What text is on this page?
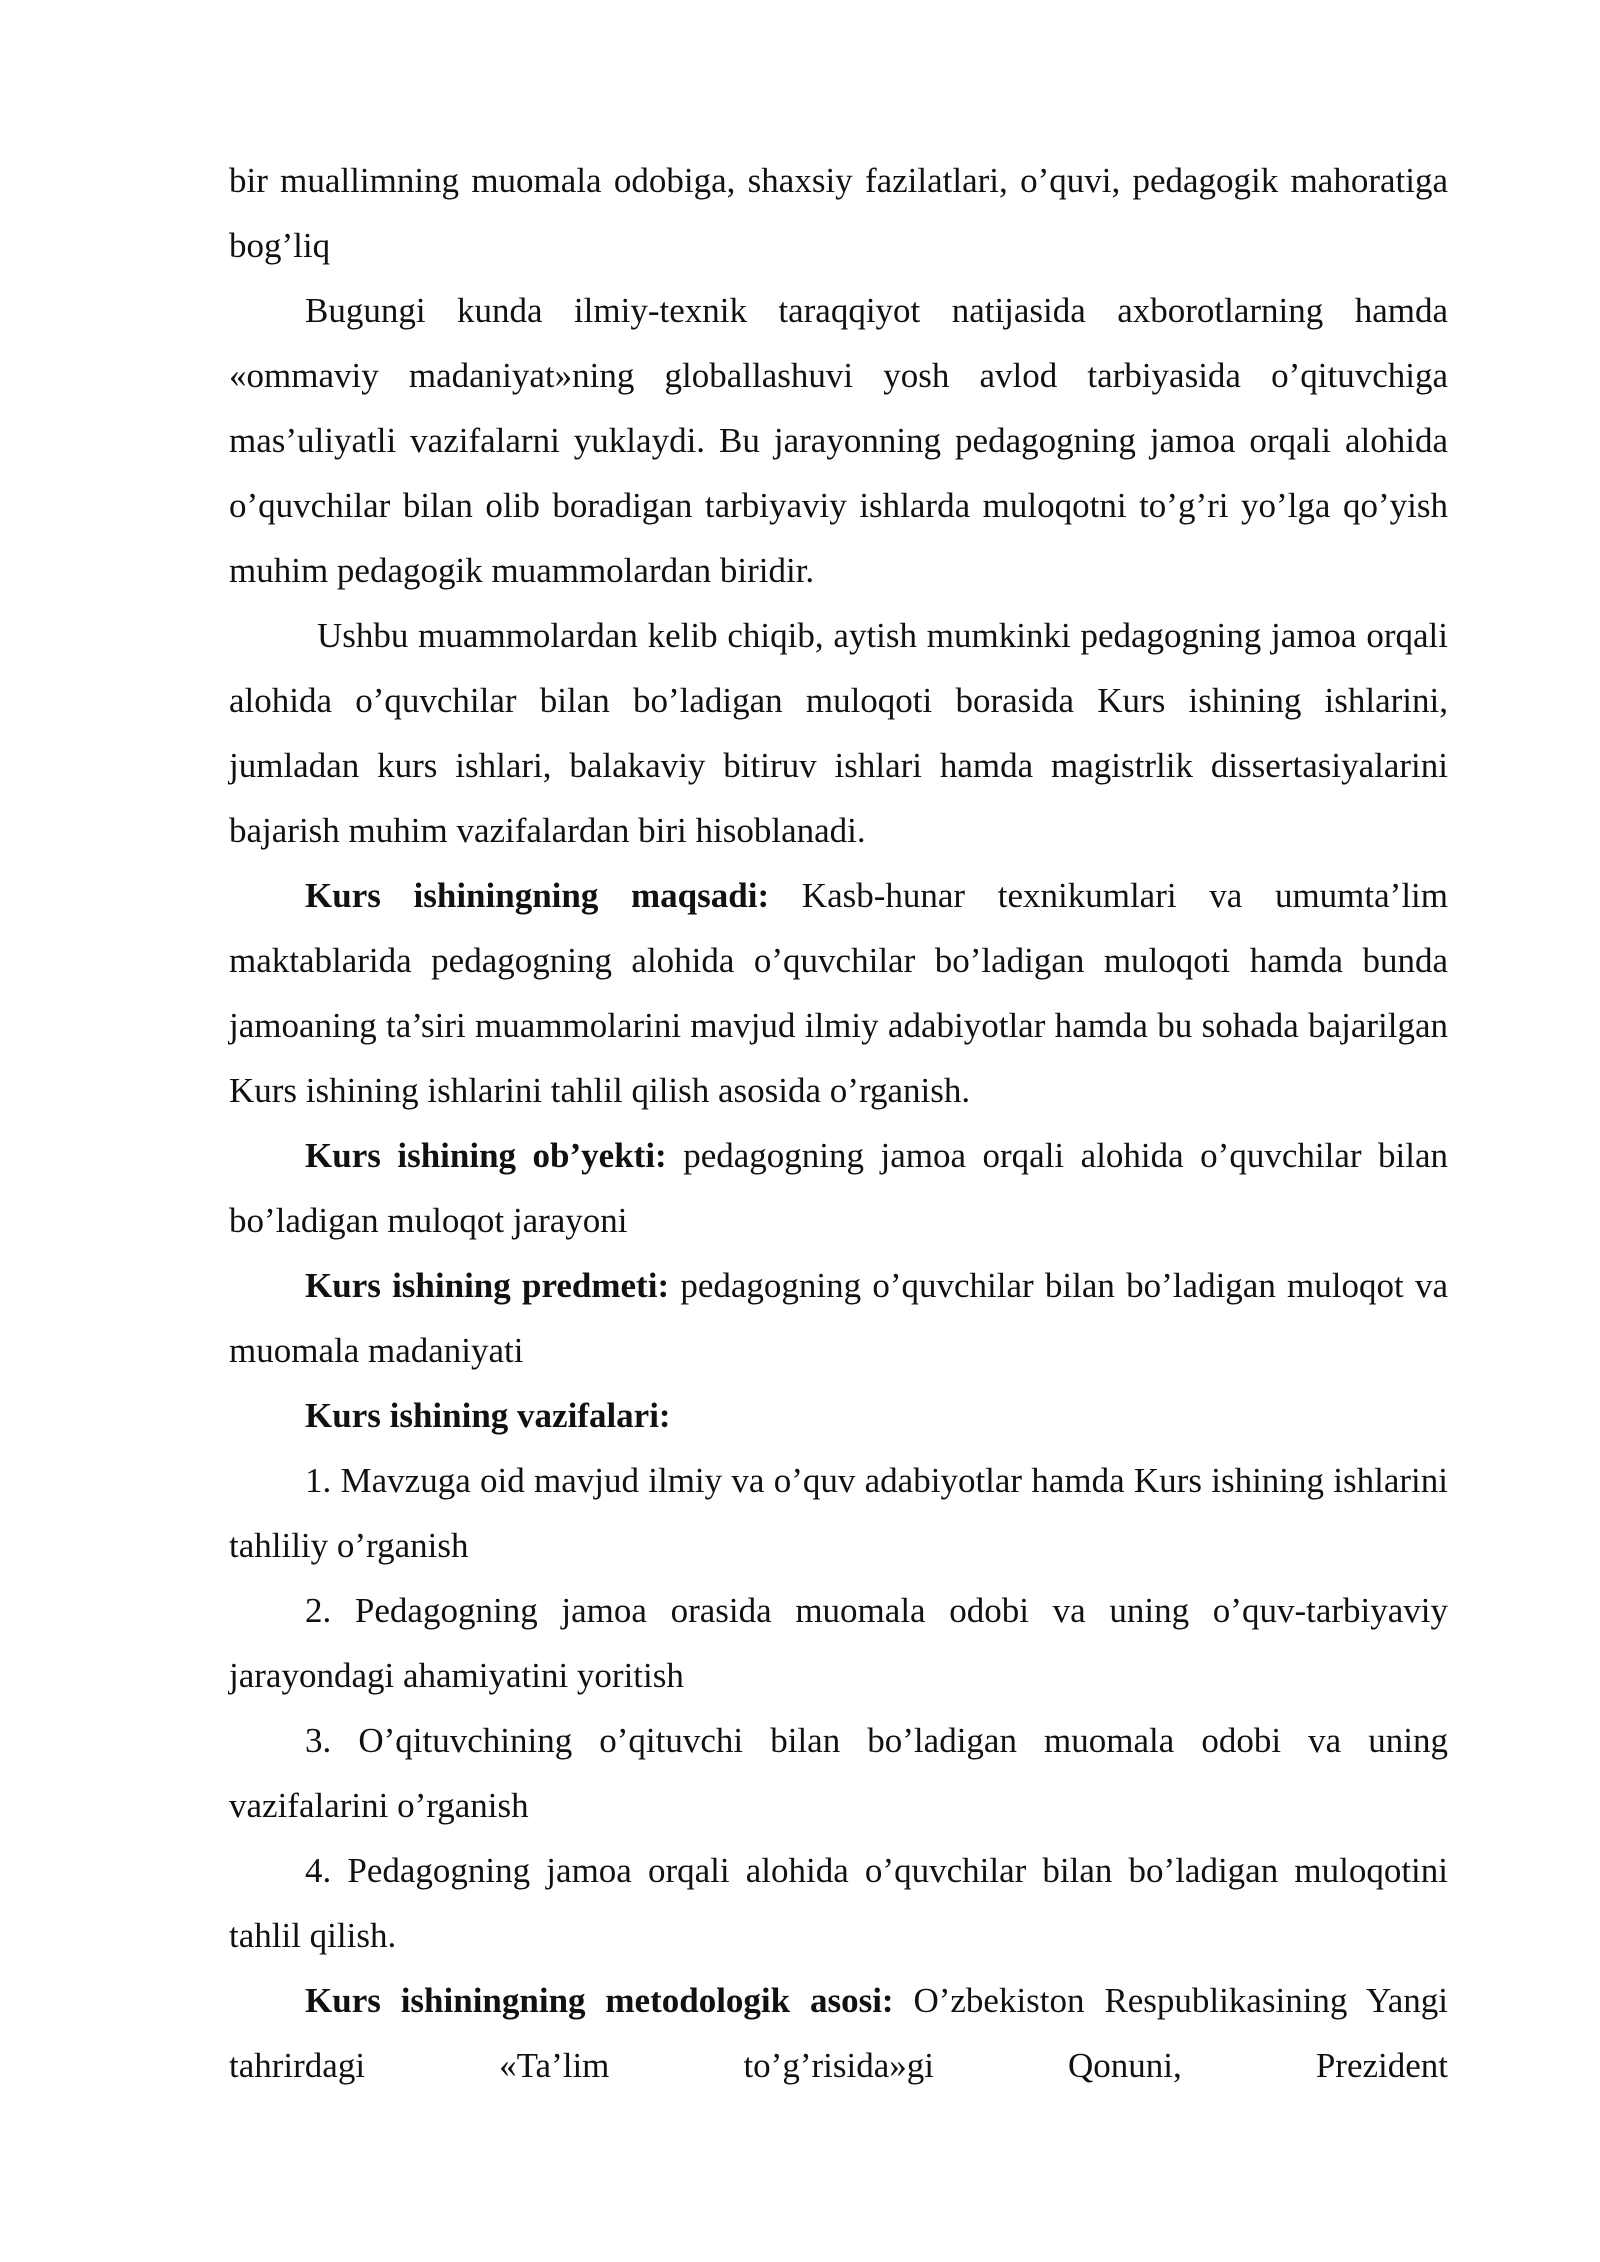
bir muallimning muomala odobiga, shaxsiy fazilatlari, o’quvi, pedagogik mahoratiga bog’liq

Bugungi kunda ilmiy-texnik taraqqiyot natijasida axborotlarning hamda «ommaviy madaniyat»ning globallashuvi yosh avlod tarbiyasida o’qituvchiga mas’uliyatli vazifalarni yuklaydi. Bu jarayonning pedagogning jamoa orqali alohida o’quvchilar bilan olib boradigan tarbiyaviy ishlarda muloqotni to’g’ri yo’lga qo’yish muhim pedagogik muammolardan biridir.

Ushbu muammolardan kelib chiqib, aytish mumkinki pedagogning jamoa orqali alohida o’quvchilar bilan bo’ladigan muloqoti borasida Kurs ishining ishlarini, jumladan kurs ishlari, balakaviy bitiruv ishlari hamda magistrlik dissertasiyalarini bajarish muhim vazifalardan biri hisoblanadi.

Kurs ishiningning maqsadi: Kasb-hunar texnikumlari va umumta’lim maktablarida pedagogning alohida o’quvchilar bo’ladigan muloqoti hamda bunda jamoaning ta’siri muammolarini mavjud ilmiy adabiyotlar hamda bu sohada bajarilgan Kurs ishining ishlarini tahlil qilish asosida o’rganish.

Kurs ishining ob’yekti: pedagogning jamoa orqali alohida o’quvchilar bilan bo’ladigan muloqot jarayoni

Kurs ishining predmeti: pedagogning o’quvchilar bilan bo’ladigan muloqot va muomala madaniyati

Kurs ishining vazifalari:

1. Mavzuga oid mavjud ilmiy va o’quv adabiyotlar hamda Kurs ishining ishlarini tahliliy o’rganish

2. Pedagogning jamoa orasida muomala odobi va uning o’quv-tarbiyaviy jarayondagi ahamiyatini yoritish

3. O’qituvchining o’qituvchi bilan bo’ladigan muomala odobi va uning vazifalarini o’rganish

4. Pedagogning jamoa orqali alohida o’quvchilar bilan bo’ladigan muloqotini tahlil qilish.

Kurs ishiningning metodologik asosi: O’zbekiston Respublikasining Yangi tahrirdagi «Ta’lim to’g’risida»gi Qonuni, Prezident
